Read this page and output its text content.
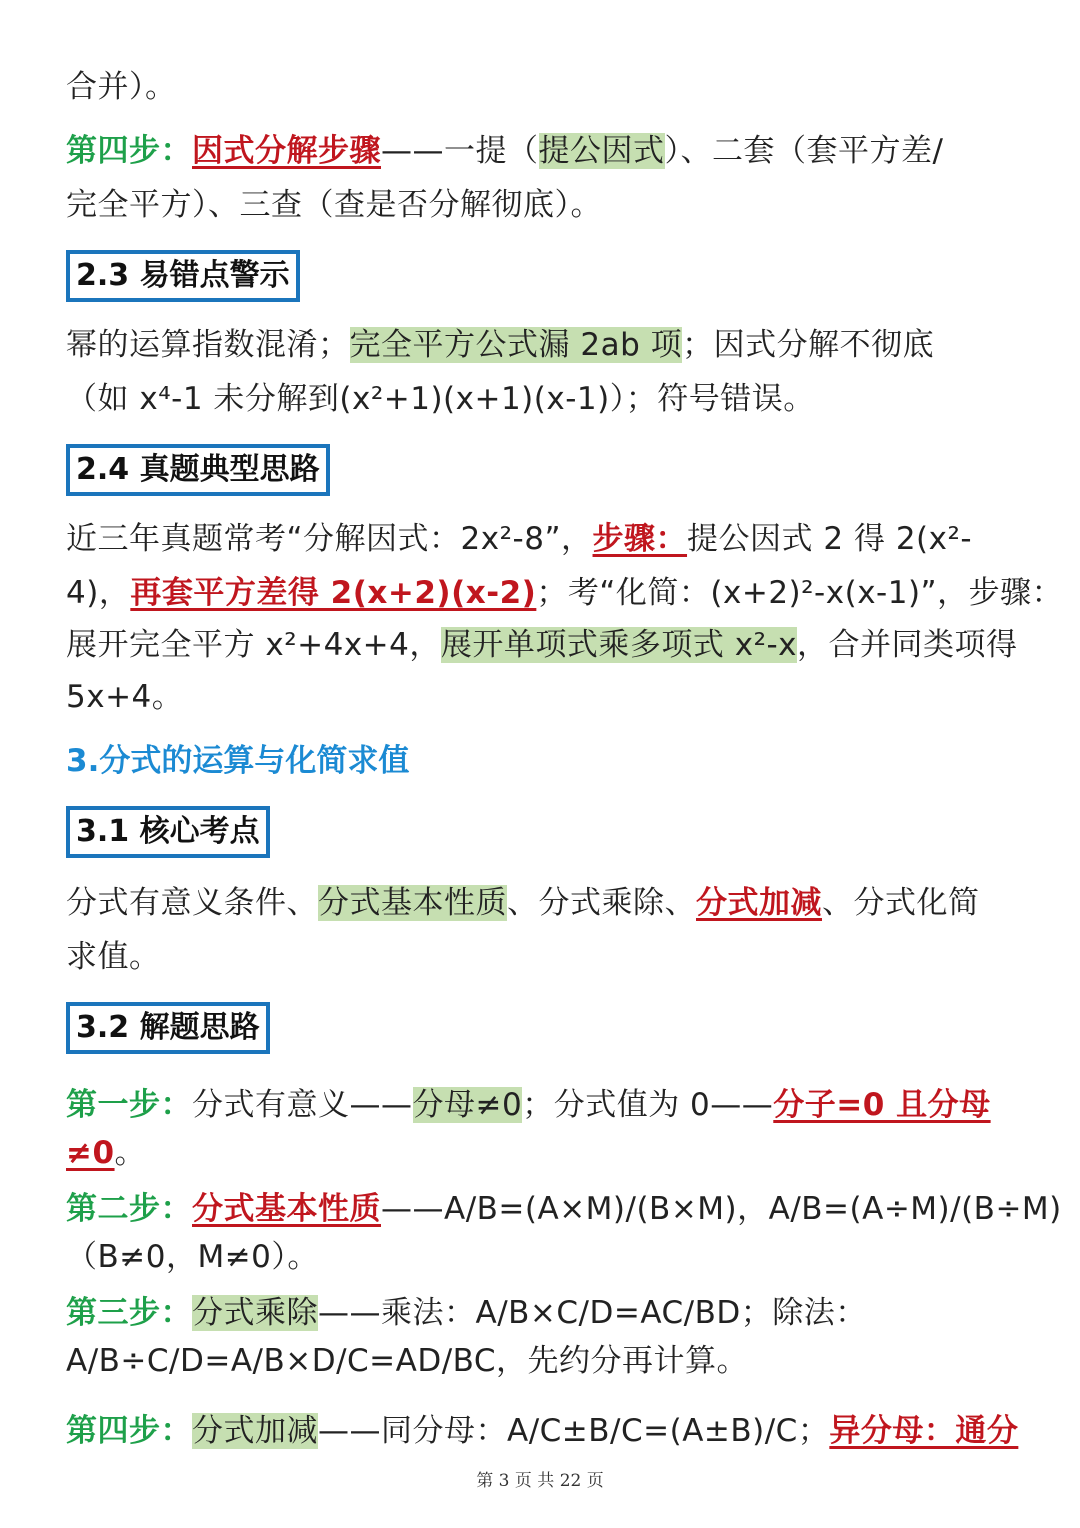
合并）。
第四步：因式分解步骤——一提（提公因式）、二套（套平方差/
完全平方）、三查（查是否分解彻底）。
2.3 易错点警示
幂的运算指数混淆；完全平方公式漏 2ab 项；因式分解不彻底
（如 x⁴-1 未分解到(x²+1)(x+1)(x-1)）；符号错误。
2.4 真题典型思路
近三年真题常考“分解因式：2x²-8”，步骤：提公因式 2 得 2(x²-
4)，再套平方差得 2(x+2)(x-2)；考“化简：(x+2)²-x(x-1)”，步骤：
展开完全平方 x²+4x+4，展开单项式乘多项式 x²-x，合并同类项得
5x+4。
3.分式的运算与化简求值
3.1 核心考点
分式有意义条件、分式基本性质、分式乘除、分式加减、分式化简
求值。
3.2 解题思路
第一步：分式有意义——分母≠0；分式值为 0——分子=0 且分母
≠0。
第二步：分式基本性质——A/B=(A×M)/(B×M)，A/B=(A÷M)/(B÷M)
（B≠0，M≠0）。
第三步：分式乘除——乘法：A/B×C/D=AC/BD；除法：
A/B÷C/D=A/B×D/C=AD/BC，先约分再计算。
第四步：分式加减——同分母：A/C±B/C=(A±B)/C；异分母：通分
第 3 页 共 22 页
